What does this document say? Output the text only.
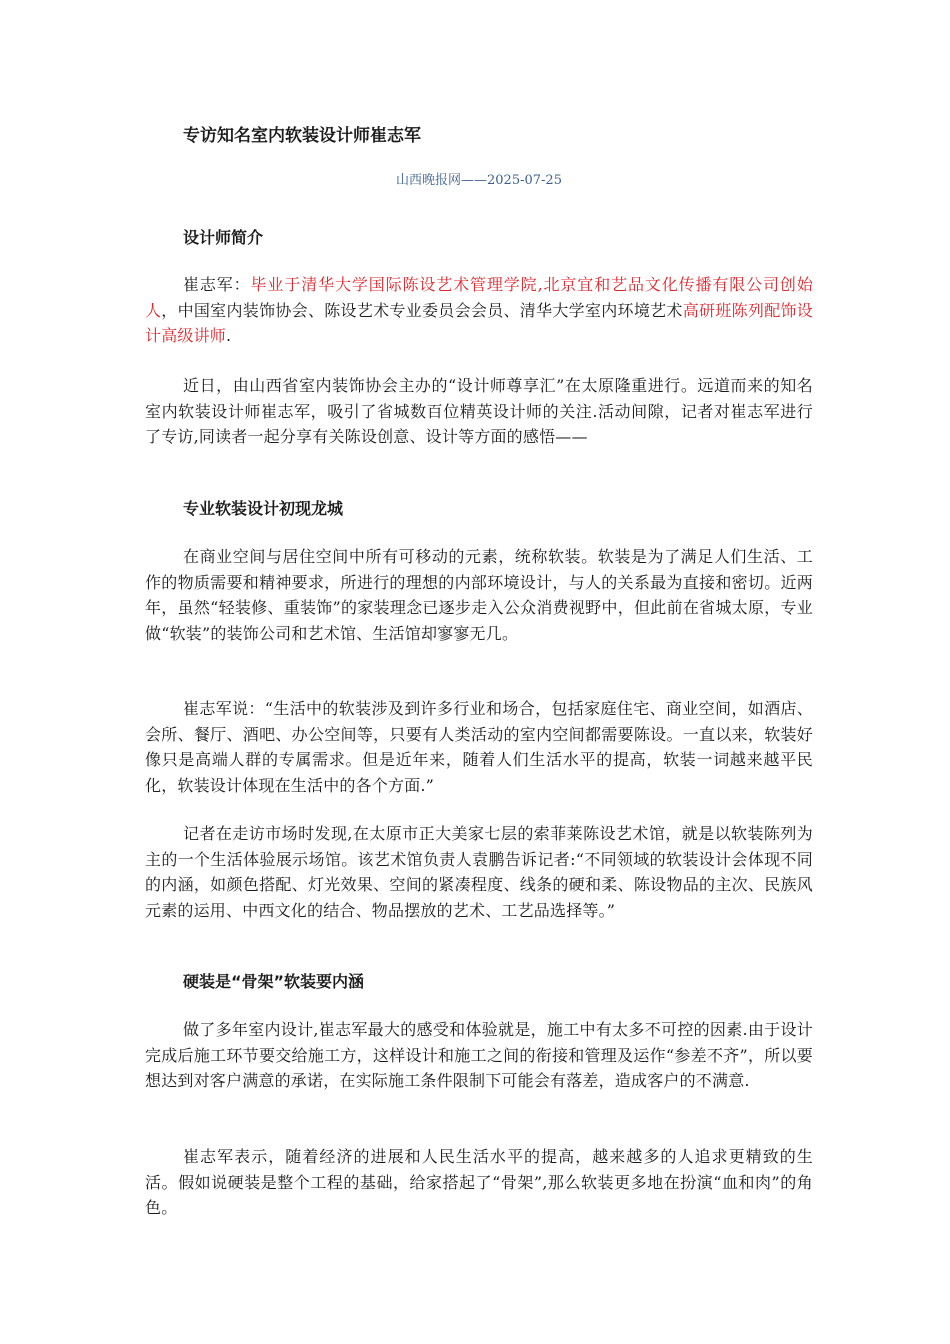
专访知名室内软装设计师崔志军
山西晚报网——2025-07-25
设计师简介

崔志军：毕业于清华大学国际陈设艺术管理学院,北京宜和艺品文化传播有限公司创始人，中国室内装饰协会、陈设艺术专业委员会会员、清华大学室内环境艺术高研班陈列配饰设计高级讲师.

近日，由山西省室内装饰协会主办的“设计师尊享汇”在太原隆重进行。远道而来的知名室内软装设计师崔志军，吸引了省城数百位精英设计师的关注.活动间隙，记者对崔志军进行了专访,同读者一起分享有关陈设创意、设计等方面的感悟——

专业软装设计初现龙城

在商业空间与居住空间中所有可移动的元素，统称软装。软装是为了满足人们生活、工作的物质需要和精神要求，所进行的理想的内部环境设计，与人的关系最为直接和密切。近两年，虽然“轻装修、重装饰”的家装理念已逐步走入公众消费视野中，但此前在省城太原，专业做“软装”的装饰公司和艺术馆、生活馆却寥寥无几。

崔志军说：“生活中的软装涉及到许多行业和场合，包括家庭住宅、商业空间，如酒店、会所、餐厅、酒吧、办公空间等，只要有人类活动的室内空间都需要陈设。一直以来，软装好像只是高端人群的专属需求。但是近年来，随着人们生活水平的提高，软装一词越来越平民化，软装设计体现在生活中的各个方面.”

记者在走访市场时发现,在太原市正大美家七层的索菲莱陈设艺术馆，就是以软装陈列为主的一个生活体验展示场馆。该艺术馆负责人袁鹏告诉记者:“不同领域的软装设计会体现不同的内涵，如颜色搭配、灯光效果、空间的紧凑程度、线条的硬和柔、陈设物品的主次、民族风元素的运用、中西文化的结合、物品摆放的艺术、工艺品选择等。”

硬装是“骨架”软装要内涵

做了多年室内设计,崔志军最大的感受和体验就是，施工中有太多不可控的因素.由于设计完成后施工环节要交给施工方，这样设计和施工之间的衔接和管理及运作“参差不齐”，所以要想达到对客户满意的承诺，在实际施工条件限制下可能会有落差，造成客户的不满意.

崔志军表示，随着经济的进展和人民生活水平的提高，越来越多的人追求更精致的生活。假如说硬装是整个工程的基础，给家搭起了“骨架”,那么软装更多地在扮演“血和肉”的角色。
